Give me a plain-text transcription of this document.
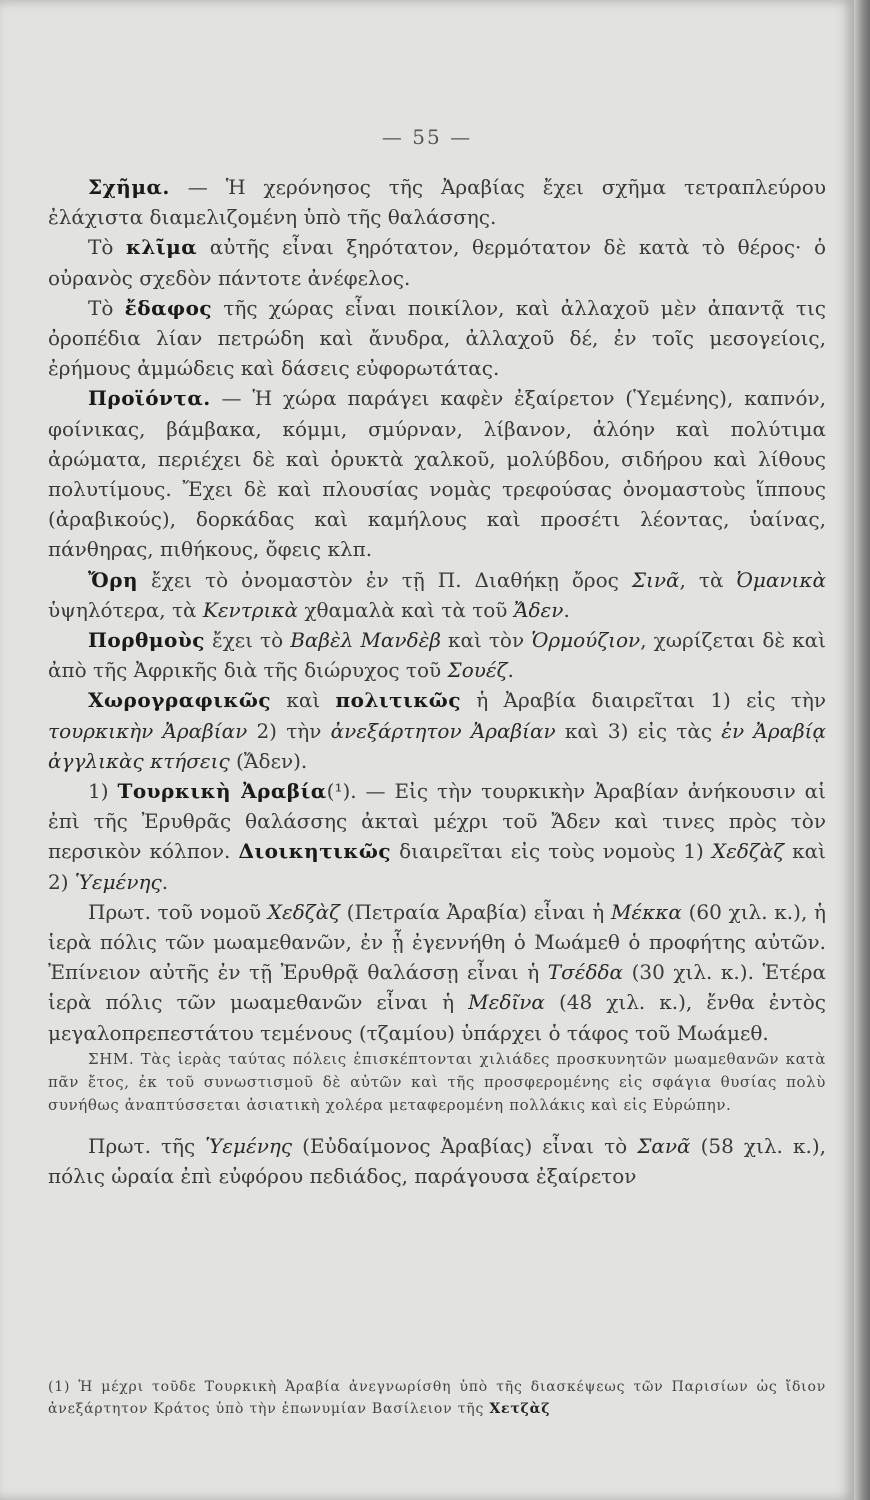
— 55 —

Σχῆμα. — Ἡ χερόνησος τῆς Ἀραβίας ἔχει σχῆμα τετραπλεύρου ἐλάχιστα διαμελιζομένη ὑπὸ τῆς θαλάσσης.

Τὸ κλῖμα αὐτῆς εἶναι ξηρότατον, θερμότατον δὲ κατὰ τὸ θέρος· ὁ οὐρανὸς σχεδὸν πάντοτε ἀνέφελος.

Τὸ ἔδαφος τῆς χώρας εἶναι ποικίλον, καὶ ἀλλαχοῦ μὲν ἀπαντᾷ τις ὀροπέδια λίαν πετρώδη καὶ ἄνυδρα, ἀλλαχοῦ δέ, ἐν τοῖς μεσογείοις, ἐρήμους ἀμμώδεις καὶ δάσεις εὐφορωτάτας.

Προϊόντα. — Ἡ χώρα παράγει καφὲν ἐξαίρετον (Ὑεμένης), καπνόν, φοίνικας, βάμβακα, κόμμι, σμύρναν, λίβανον, ἀλόην καὶ πολύτιμα ἀρώματα, περιέχει δὲ καὶ ὀρυκτὰ χαλκοῦ, μολύβδου, σιδήρου καὶ λίθους πολυτίμους. Ἔχει δὲ καὶ πλουσίας νομὰς τρεφούσας ὀνομαστοὺς ἵππους (ἀραβικούς), δορκάδας καὶ καμήλους καὶ προσέτι λέοντας, ὑαίνας, πάνθηρας, πιθήκους, ὄφεις κλπ.

Ὄρη ἔχει τὸ ὀνομαστὸν ἐν τῇ Π. Διαθήκῃ ὄρος Σινᾶ, τὰ Ὀμανικὰ ὑψηλότερα, τὰ Κεντρικὰ χθαμαλὰ καὶ τὰ τοῦ Ἄδεν.

Πορθμοὺς ἔχει τὸ Βαβὲλ Μανδὲβ καὶ τὸν Ὁρμούζιον, χωρίζεται δὲ καὶ ἀπὸ τῆς Ἀφρικῆς διὰ τῆς διώρυχος τοῦ Σουέζ.

Χωρογραφικῶς καὶ πολιτικῶς ἡ Ἀραβία διαιρεῖται 1) εἰς τὴν τουρκικὴν Ἀραβίαν 2) τὴν ἀνεξάρτητον Ἀραβίαν καὶ 3) εἰς τὰς ἐν Ἀραβίᾳ ἀγγλικὰς κτήσεις (Ἄδεν).

1) Τουρκικὴ Ἀραβία(¹). — Εἰς τὴν τουρκικὴν Ἀραβίαν ἀνήκουσιν αἱ ἐπὶ τῆς Ἐρυθρᾶς θαλάσσης ἀκταὶ μέχρι τοῦ Ἄδεν καὶ τινες πρὸς τὸν περσικὸν κόλπον. Διοικητικῶς διαιρεῖται εἰς τοὺς νομοὺς 1) Χεδζὰζ καὶ 2) Ὑεμένης.

Πρωτ. τοῦ νομοῦ Χεδζὰζ (Πετραία Ἀραβία) εἶναι ἡ Μέκκα (60 χιλ. κ.), ἡ ἱερὰ πόλις τῶν μωαμεθανῶν, ἐν ᾗ ἐγεννήθη ὁ Μωάμεθ ὁ προφήτης αὐτῶν. Ἐπίνειον αὐτῆς ἐν τῇ Ἐρυθρᾷ θαλάσσῃ εἶναι ἡ Τσέδδα (30 χιλ. κ.). Ἑτέρα ἱερὰ πόλις τῶν μωαμεθανῶν εἶναι ἡ Μεδῖνα (48 χιλ. κ.), ἔνθα ἐντὸς μεγαλοπρεπεστάτου τεμένους (τζαμίου) ὑπάρχει ὁ τάφος τοῦ Μωάμεθ.

ΣΗΜ. Τὰς ἱερὰς ταύτας πόλεις ἐπισκέπτονται χιλιάδες προσκυνητῶν μωαμεθανῶν κατὰ πᾶν ἔτος, ἐκ τοῦ συνωστισμοῦ δὲ αὐτῶν καὶ τῆς προσφερομένης εἰς σφάγια θυσίας πολὺ συνήθως ἀναπτύσσεται ἀσιατικὴ χολέρα μεταφερομένη πολλάκις καὶ εἰς Εὐρώπην.

Πρωτ. τῆς Ὑεμένης (Εὐδαίμονος Ἀραβίας) εἶναι τὸ Σανᾶ (58 χιλ. κ.), πόλις ὡραία ἐπὶ εὐφόρου πεδιάδος, παράγουσα ἐξαίρετον

(1) Ἡ μέχρι τοῦδε Τουρκικὴ Ἀραβία ἀνεγνωρίσθη ὑπὸ τῆς διασκέψεως τῶν Παρισίων ὡς ἴδιον ἀνεξάρτητον Κράτος ὑπὸ τὴν ἐπωνυμίαν Βασίλειον τῆς Χετζὰζ
